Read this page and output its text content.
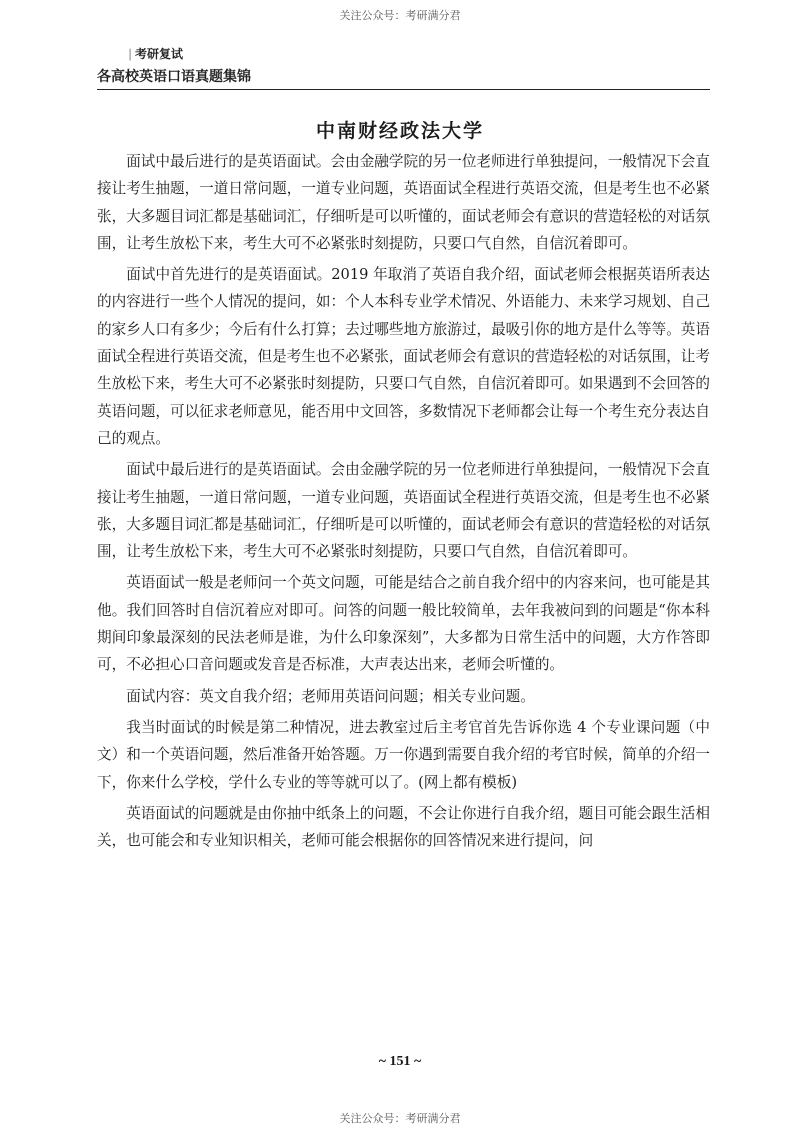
关注公众号：考研满分君
│ 考研复试
各高校英语口语真题集锦
中南财经政法大学

面试中最后进行的是英语面试。会由金融学院的另一位老师进行单独提问，一般情况下会直接让考生抽题，一道日常问题，一道专业问题，英语面试全程进行英语交流，但是考生也不必紧张，大多题目词汇都是基础词汇，仔细听是可以听懂的，面试老师会有意识的营造轻松的对话氛围，让考生放松下来，考生大可不必紧张时刻提防，只要口气自然，自信沉着即可。

面试中首先进行的是英语面试。2019 年取消了英语自我介绍，面试老师会根据英语所表达的内容进行一些个人情况的提问，如：个人本科专业学术情况、外语能力、未来学习规划、自己的家乡人口有多少；今后有什么打算；去过哪些地方旅游过，最吸引你的地方是什么等等。英语面试全程进行英语交流，但是考生也不必紧张，面试老师会有意识的营造轻松的对话氛围，让考生放松下来，考生大可不必紧张时刻提防，只要口气自然，自信沉着即可。如果遇到不会回答的英语问题，可以征求老师意见，能否用中文回答，多数情况下老师都会让每一个考生充分表达自己的观点。

面试中最后进行的是英语面试。会由金融学院的另一位老师进行单独提问，一般情况下会直接让考生抽题，一道日常问题，一道专业问题，英语面试全程进行英语交流，但是考生也不必紧张，大多题目词汇都是基础词汇，仔细听是可以听懂的，面试老师会有意识的营造轻松的对话氛围，让考生放松下来，考生大可不必紧张时刻提防，只要口气自然，自信沉着即可。

英语面试一般是老师问一个英文问题，可能是结合之前自我介绍中的内容来问，也可能是其他。我们回答时自信沉着应对即可。问答的问题一般比较简单，去年我被问到的问题是“你本科期间印象最深刻的民法老师是谁，为什么印象深刻”，大多都为日常生活中的问题，大方作答即可，不必担心口音问题或发音是否标准，大声表达出来，老师会听懂的。

面试内容：英文自我介绍；老师用英语问问题；相关专业问题。

我当时面试的时候是第二种情况，进去教室过后主考官首先告诉你选 4 个专业课问题（中文）和一个英语问题，然后准备开始答题。万一你遇到需要自我介绍的考官时候，简单的介绍一下，你来什么学校，学什么专业的等等就可以了。(网上都有模板)

英语面试的问题就是由你抽中纸条上的问题，不会让你进行自我介绍，题目可能会跟生活相关，也可能会和专业知识相关，老师可能会根据你的回答情况来进行提问，问

~ 151 ~
关注公众号：考研满分君
